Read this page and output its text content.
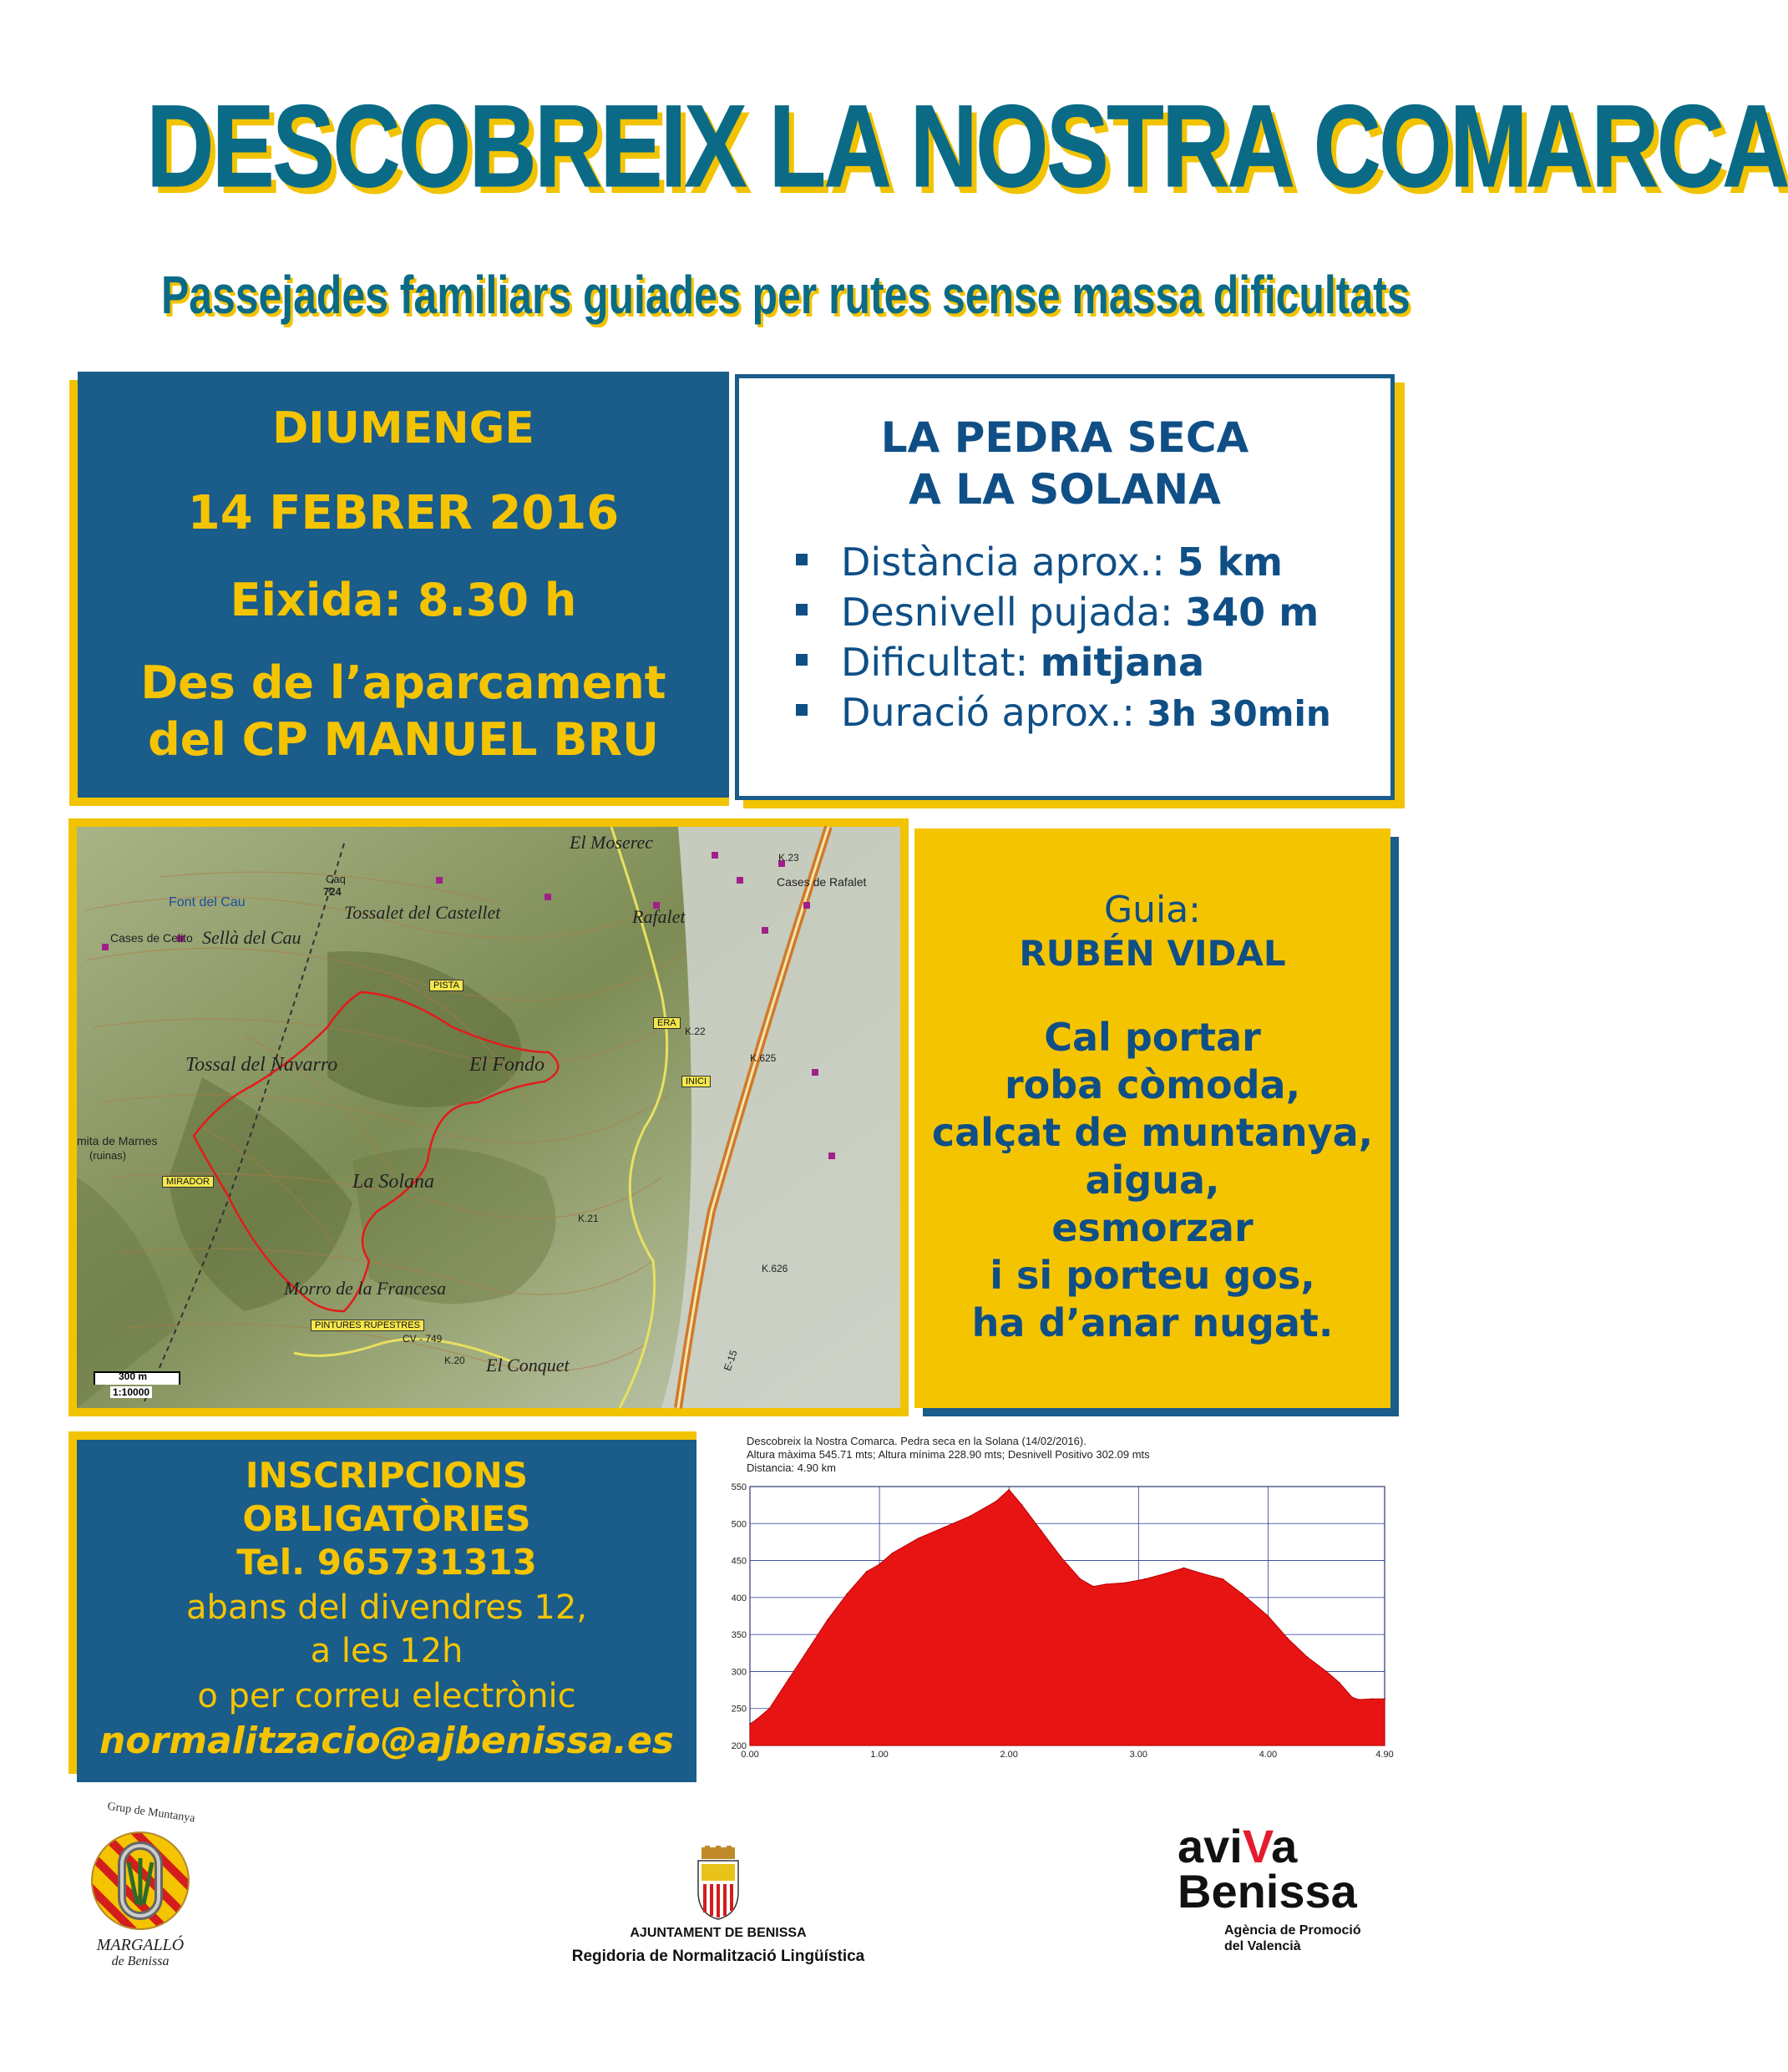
DESCOBREIX LA NOSTRA COMARCA
Passejades familiars guiades per rutes sense massa dificultats
DIUMENGE
14 FEBRER 2016
Eixida: 8.30 h
Des de l’aparcament
del CP MANUEL BRU
LA PEDRA SECA
A LA SOLANA
Distància aprox.: 5 km
Desnivell pujada: 340 m
Dificultat: mitjana
Duració aprox.: 3h 30min
El Moserec
Cases de Rafalet
Font del Cau
Caq
724
Tossalet del Castellet	Rafalet
Cases de Celito Sellà del Cau
PISTA
ERA
K.22
INICI
Tossal del Navarro	El Fondo
mita de Marnes
(ruinas)
MIRADOR	La Solana
Morro de la Francesa
PINTURES RUPESTRES
El Conquet
K.23
K.625
K.626
K.21
K.20
CV - 749
E-15
300 m
1:10000
Guia:
RUBÉN VIDAL
Cal portar
roba còmoda,
calçat de muntanya,
aigua,
esmorzar
i si porteu gos,
ha d’anar nugat.
INSCRIPCIONS
OBLIGATÒRIES
Tel. 965731313
abans del divendres 12,
a les 12h
o per correu electrònic
normalitzacio@ajbenissa.es
Descobreix la Nostra Comarca. Pedra seca en la Solana (14/02/2016).
Altura màxima 545.71 mts; Altura mínima 228.90 mts; Desnivell Positivo 302.09 mts
Distancia: 4.90 km
550
500
450
400
350
300
250
200
0.00	1.00	2.00	3.00	4.00	4.90
Grup de Muntanya
MARGALLÓ
de Benissa
AJUNTAMENT DE BENISSA
Regidoria de Normalització Lingüística
aviVa
Benissa
Agència de Promoció
del Valencià
